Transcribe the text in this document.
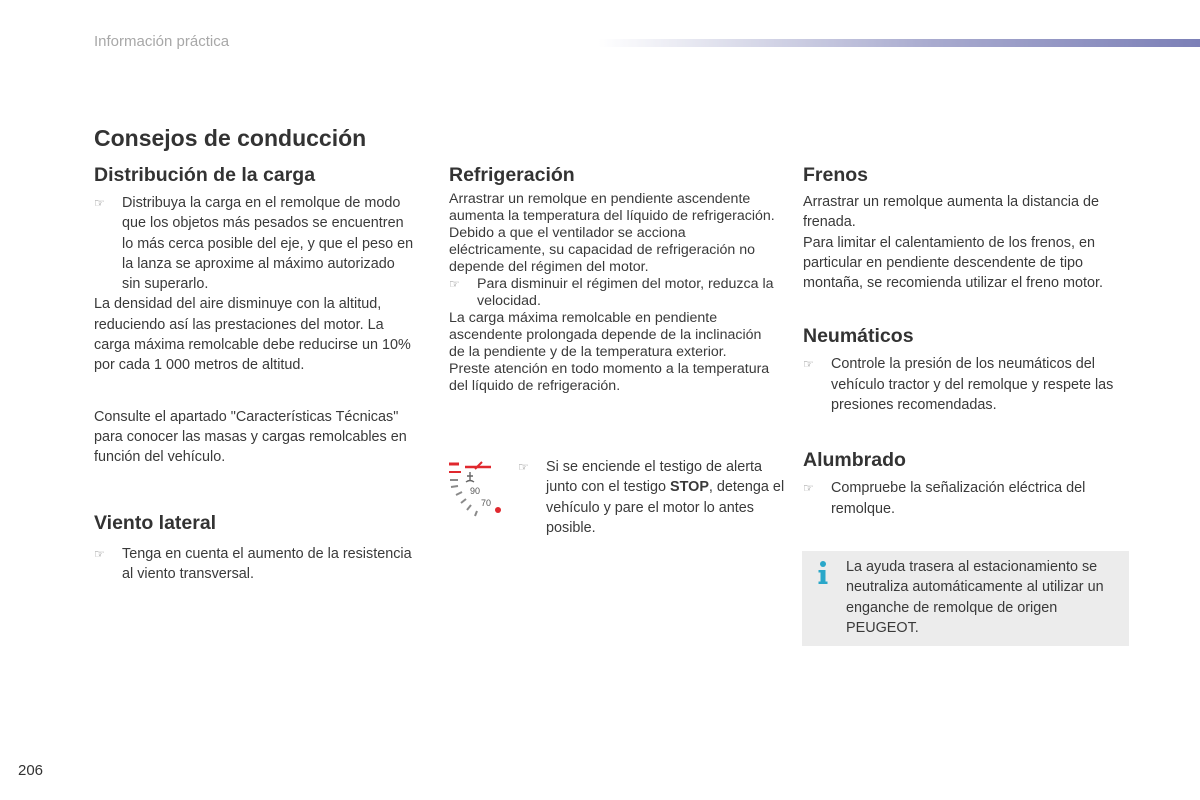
Información práctica
Consejos de conducción
Distribución de la carga
☞ Distribuya la carga en el remolque de modo que los objetos más pesados se encuentren lo más cerca posible del eje, y que el peso en la lanza se aproxime al máximo autorizado sin superarlo.

La densidad del aire disminuye con la altitud, reduciendo así las prestaciones del motor. La carga máxima remolcable debe reducirse un 10% por cada 1 000 metros de altitud.

Consulte el apartado "Características Técnicas" para conocer las masas y cargas remolcables en función del vehículo.

Viento lateral
☞ Tenga en cuenta el aumento de la resistencia al viento transversal.
Refrigeración

Arrastrar un remolque en pendiente ascendente aumenta la temperatura del líquido de refrigeración.

Debido a que el ventilador se acciona eléctricamente, su capacidad de refrigeración no depende del régimen del motor.

☞ Para disminuir el régimen del motor, reduzca la velocidad.

La carga máxima remolcable en pendiente ascendente prolongada depende de la inclinación de la pendiente y de la temperatura exterior.

Preste atención en todo momento a la temperatura del líquido de refrigeración.

90
70
☞ Si se enciende el testigo de alerta junto con el testigo STOP, detenga el vehículo y pare el motor lo antes posible.
Frenos

Arrastrar un remolque aumenta la distancia de frenada.

Para limitar el calentamiento de los frenos, en particular en pendiente descendente de tipo montaña, se recomienda utilizar el freno motor.

Neumáticos
☞ Controle la presión de los neumáticos del vehículo tractor y del remolque y respete las presiones recomendadas.
Alumbrado
☞ Compruebe la señalización eléctrica del remolque.

La ayuda trasera al estacionamiento se neutraliza automáticamente al utilizar un enganche de remolque de origen PEUGEOT.

206
